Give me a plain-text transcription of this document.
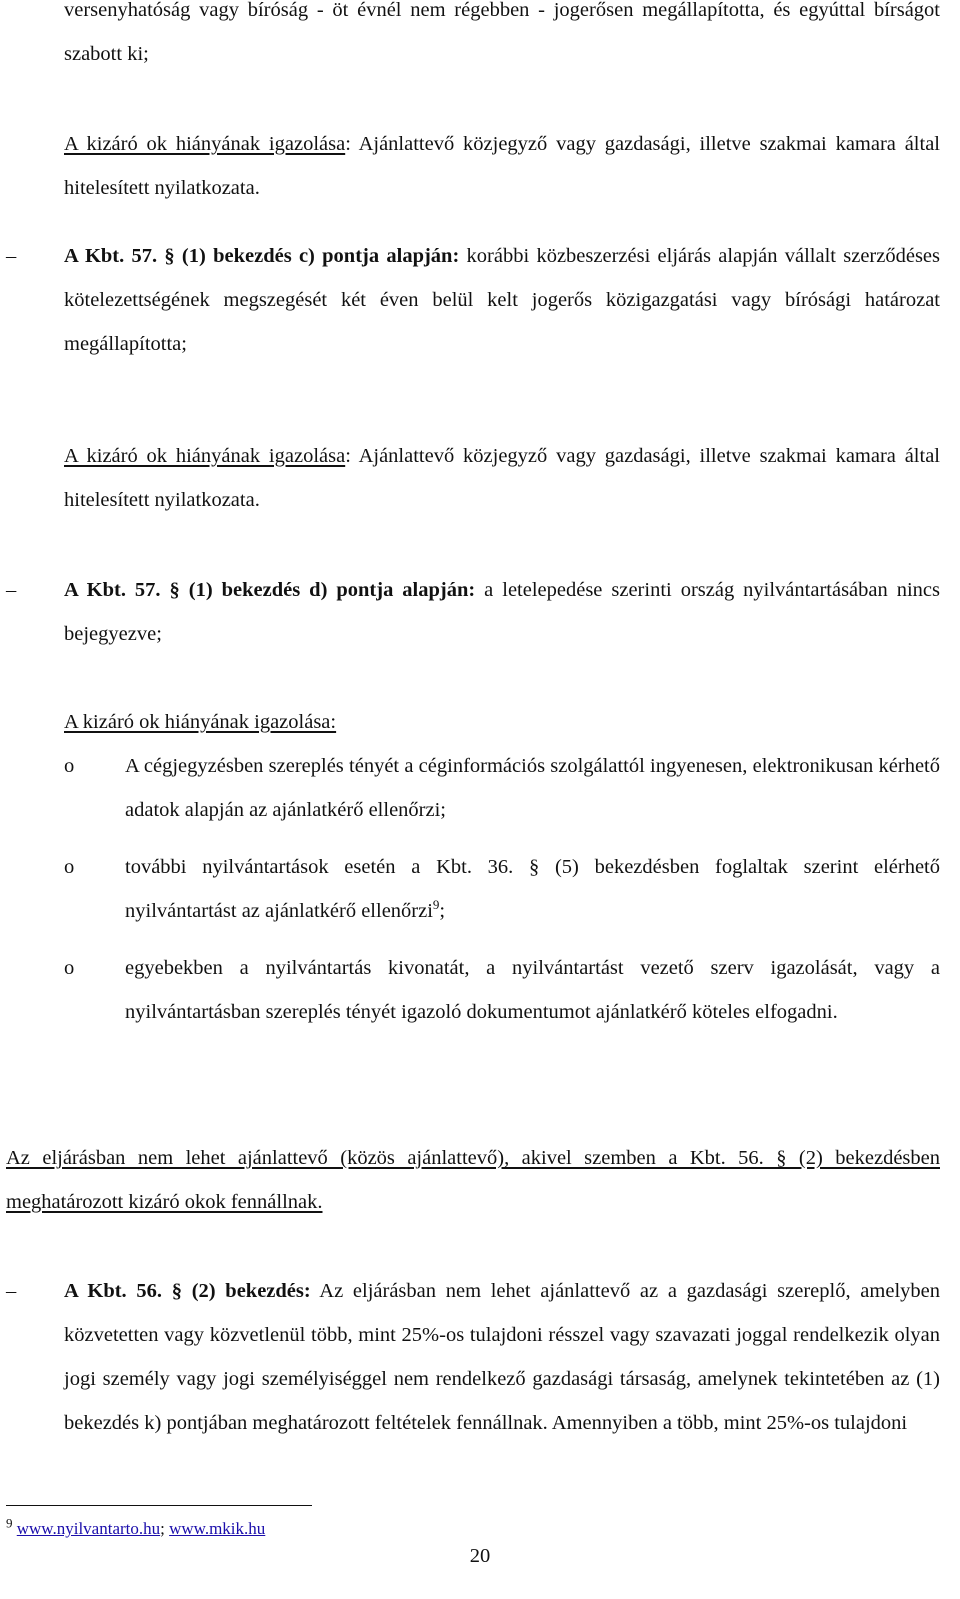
versenyhatóság vagy bíróság - öt évnél nem régebben - jogerősen megállapította, és egyúttal bírságot szabott ki;

A kizáró ok hiányának igazolása: Ajánlattevő közjegyző vagy gazdasági, illetve szakmai kamara által hitelesített nyilatkozata.

– A Kbt. 57. § (1) bekezdés c) pontja alapján: korábbi közbeszerzési eljárás alapján vállalt szerződéses kötelezettségének megszegését két éven belül kelt jogerős közigazgatási vagy bírósági határozat megállapította;

A kizáró ok hiányának igazolása: Ajánlattevő közjegyző vagy gazdasági, illetve szakmai kamara által hitelesített nyilatkozata.

– A Kbt. 57. § (1) bekezdés d) pontja alapján: a letelepedése szerinti ország nyilvántartásában nincs bejegyezve;

A kizáró ok hiányának igazolása:

o A cégjegyzésben szereplés tényét a céginformációs szolgálattól ingyenesen, elektronikusan kérhető adatok alapján az ajánlatkérő ellenőrzi;

o további nyilvántartások esetén a Kbt. 36. § (5) bekezdésben foglaltak szerint elérhető nyilvántartást az ajánlatkérő ellenőrzi$^9$;

o egyebekben a nyilvántartás kivonatát, a nyilvántartást vezető szerv igazolását, vagy a nyilvántartásban szereplés tényét igazoló dokumentumot ajánlatkérő köteles elfogadni.

Az eljárásban nem lehet ajánlattevő (közös ajánlattevő), akivel szemben a Kbt. 56. § (2) bekezdésben meghatározott kizáró okok fennállnak.

– A Kbt. 56. § (2) bekezdés: Az eljárásban nem lehet ajánlattevő az a gazdasági szereplő, amelyben közvetetten vagy közvetlenül több, mint 25%-os tulajdoni résszel vagy szavazati joggal rendelkezik olyan jogi személy vagy jogi személyiséggel nem rendelkező gazdasági társaság, amelynek tekintetében az (1) bekezdés k) pontjában meghatározott feltételek fennállnak. Amennyiben a több, mint 25%-os tulajdoni

$^9$ www.nyilvantarto.hu; www.mkik.hu
20
